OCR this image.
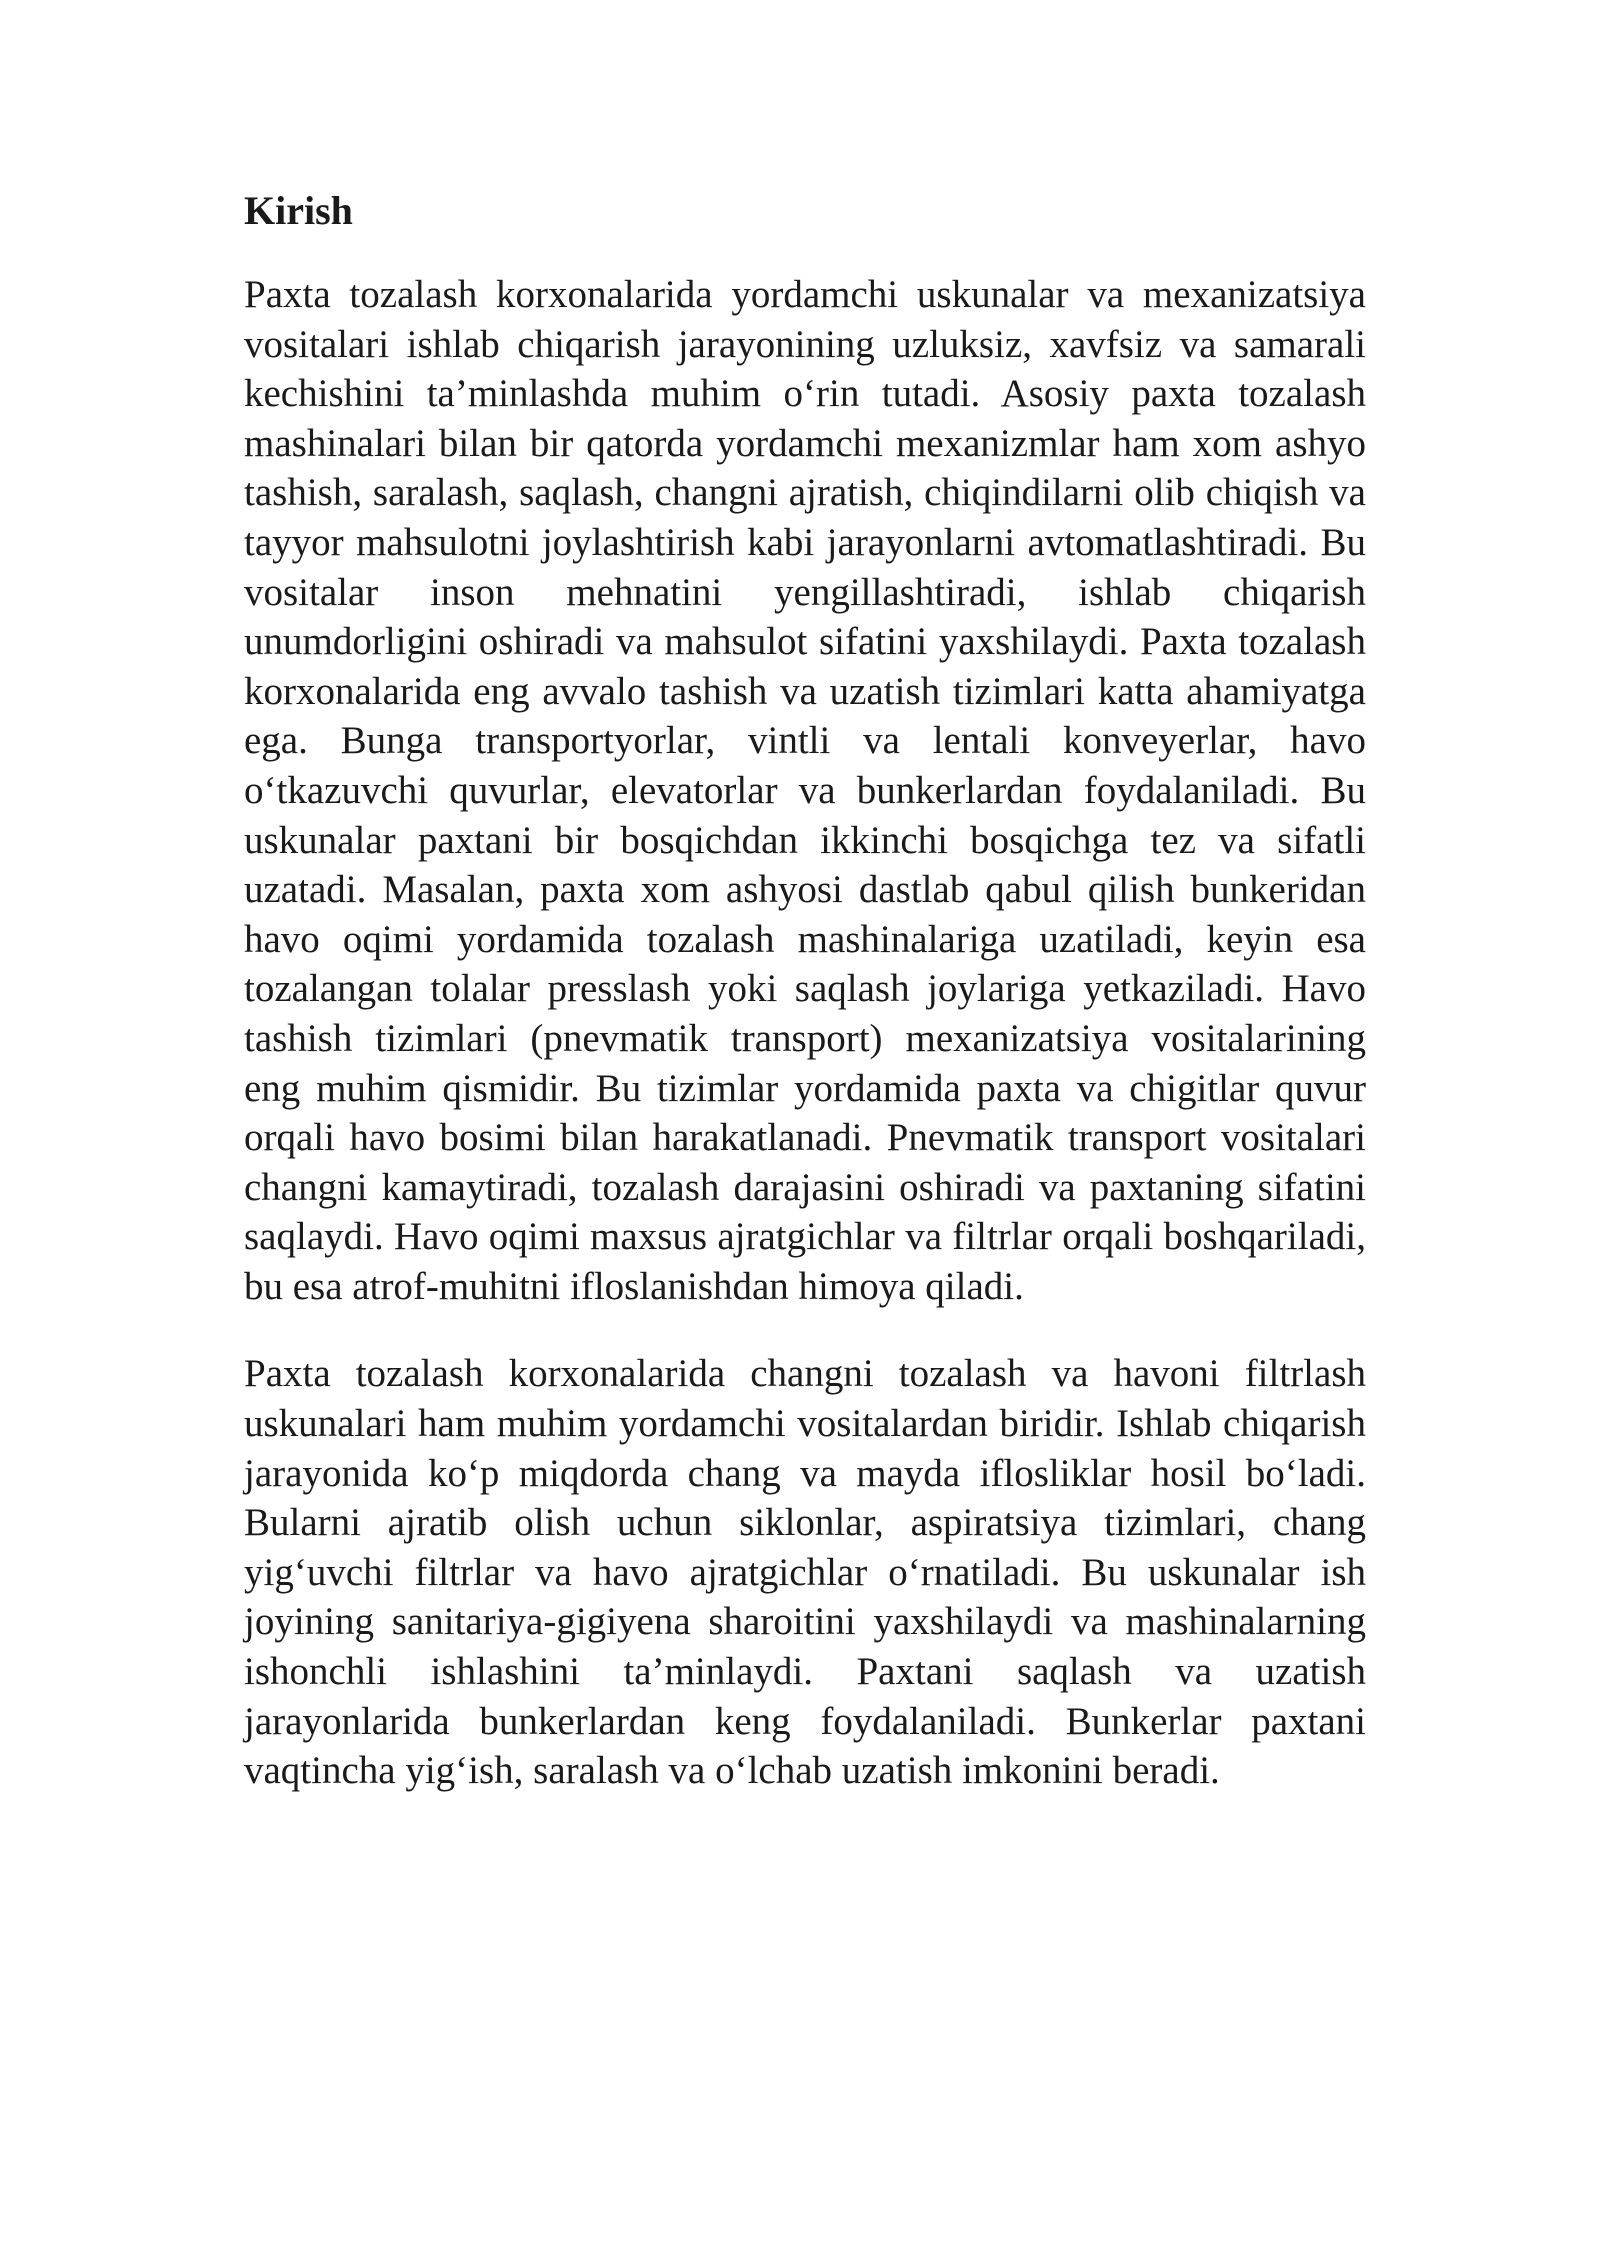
Kirish

Paxta tozalash korxonalarida yordamchi uskunalar va mexanizatsiya vositalari ishlab chiqarish jarayonining uzluksiz, xavfsiz va samarali kechishini ta’minlashda muhim o‘rin tutadi. Asosiy paxta tozalash mashinalari bilan bir qatorda yordamchi mexanizmlar ham xom ashyo tashish, saralash, saqlash, changni ajratish, chiqindilarni olib chiqish va tayyor mahsulotni joylashtirish kabi jarayonlarni avtomatlashtiradi. Bu vositalar inson mehnatini yengillashtiradi, ishlab chiqarish unumdorligini oshiradi va mahsulot sifatini yaxshilaydi. Paxta tozalash korxonalarida eng avvalo tashish va uzatish tizimlari katta ahamiyatga ega. Bunga transportyorlar, vintli va lentali konveyerlar, havo o‘tkazuvchi quvurlar, elevatorlar va bunkerlardan foydalaniladi. Bu uskunalar paxtani bir bosqichdan ikkinchi bosqichga tez va sifatli uzatadi. Masalan, paxta xom ashyosi dastlab qabul qilish bunkeridan havo oqimi yordamida tozalash mashinalariga uzatiladi, keyin esa tozalangan tolalar presslash yoki saqlash joylariga yetkaziladi. Havo tashish tizimlari (pnevmatik transport) mexanizatsiya vositalarining eng muhim qismidir. Bu tizimlar yordamida paxta va chigitlar quvur orqali havo bosimi bilan harakatlanadi. Pnevmatik transport vositalari changni kamaytiradi, tozalash darajasini oshiradi va paxtaning sifatini saqlaydi. Havo oqimi maxsus ajratgichlar va filtrlar orqali boshqariladi, bu esa atrof-muhitni ifloslanishdan himoya qiladi.

Paxta tozalash korxonalarida changni tozalash va havoni filtrlash uskunalari ham muhim yordamchi vositalardan biridir. Ishlab chiqarish jarayonida ko‘p miqdorda chang va mayda iflosliklar hosil bo‘ladi. Bularni ajratib olish uchun siklonlar, aspiratsiya tizimlari, chang yig‘uvchi filtrlar va havo ajratgichlar o‘rnatiladi. Bu uskunalar ish joyining sanitariya-gigiyena sharoitini yaxshilaydi va mashinalarning ishonchli ishlashini ta’minlaydi. Paxtani saqlash va uzatish jarayonlarida bunkerlardan keng foydalaniladi. Bunkerlar paxtani vaqtincha yig‘ish, saralash va o‘lchab uzatish imkonini beradi.
